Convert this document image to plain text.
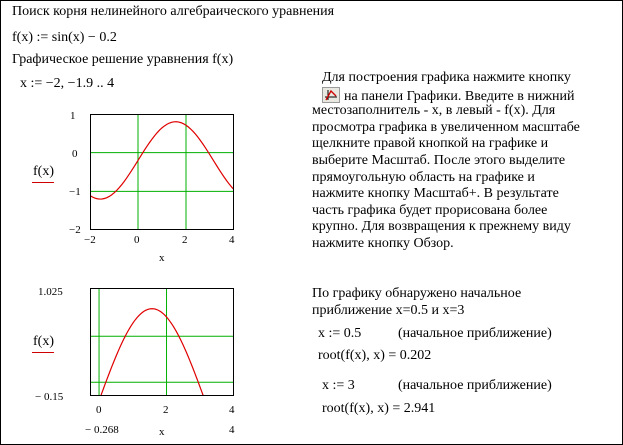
Поиск корня нелинейного алгебраического уравнения
f(x) := sin(x) − 0.2
Графическое решение уравнения f(x)
x := −2, −1.9 .. 4
1
0
−1
−2
f(x)
−2	0	2	4
x
1.025
f(x)
− 0.15
0	2	4
− 0.268	x	4
Для построения графика нажмите кнопку
на панели Графики. Введите в нижний
местозаполнитель - x, в левый - f(x). Для
просмотра графика в увеличенном масштабе
щелкните правой кнопкой на графике и
выберите Масштаб. После этого выделите
прямоугольную область на графике и
нажмите кнопку Масштаб+. В результате
часть графика будет прорисована более
крупно. Для возвращения к прежнему виду
нажмите кнопку Обзор.
По графику обнаружено начальное
приближение x=0.5 и x=3
x := 0.5	(начальное приближение)
root(f(x), x) = 0.202
x := 3	(начальное приближение)
root(f(x), x) = 2.941
